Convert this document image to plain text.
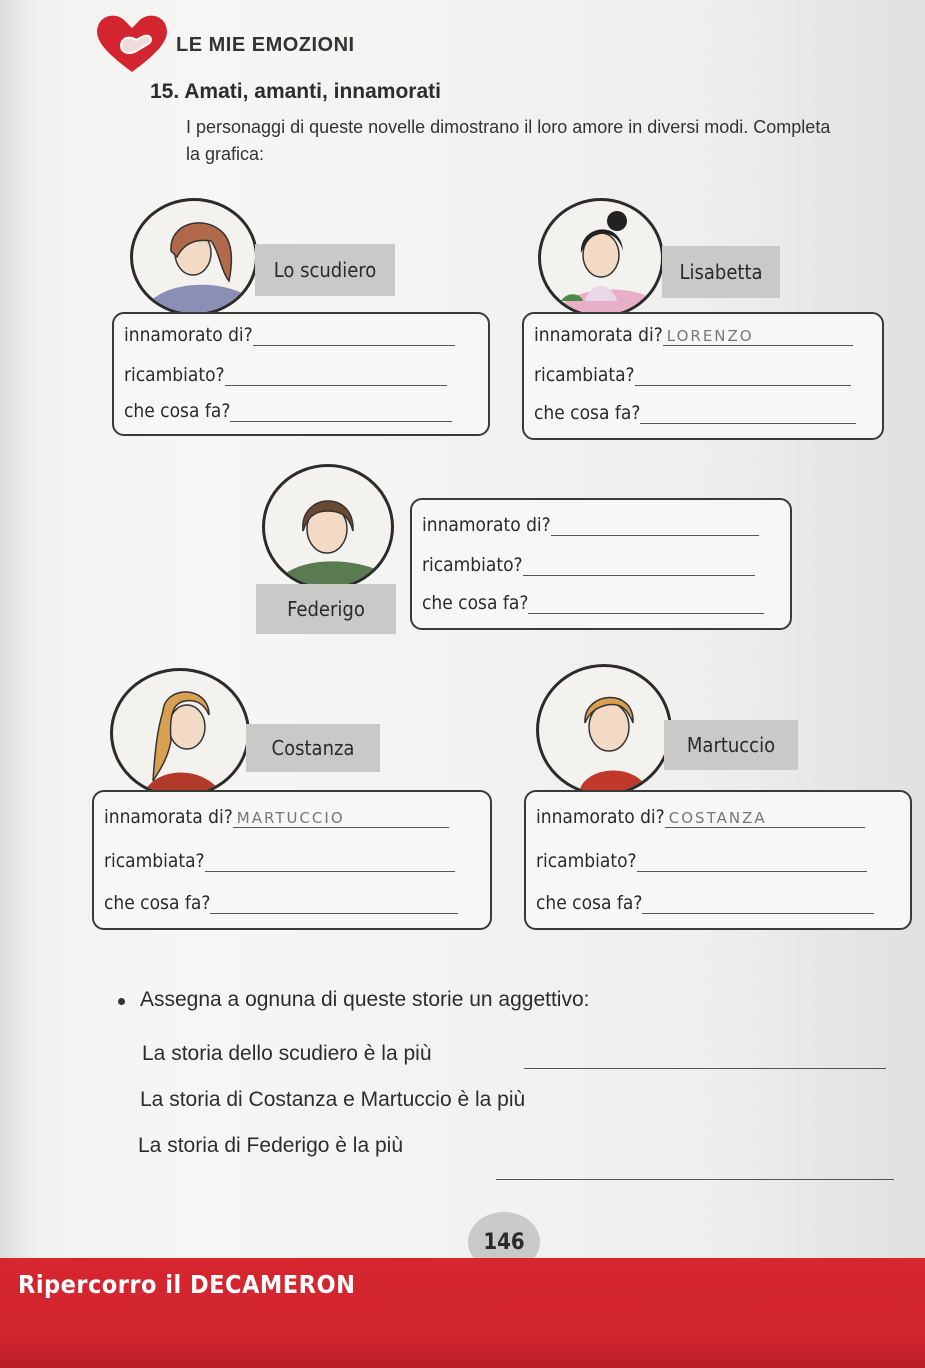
LE MIE EMOZIONI
15. Amati, amanti, innamorati
I personaggi di queste novelle dimostrano il loro amore in diversi modi. Completa la grafica:
Lo scudiero
innamorato di?
ricambiato?
che cosa fa?
Lisabetta
innamorata di? LORENZO
ricambiata?
che cosa fa?
Federigo
innamorato di?
ricambiato?
che cosa fa?
Costanza
innamorata di? MARTUCCIO
ricambiata?
che cosa fa?
Martuccio
innamorato di? COSTANZA
ricambiato?
che cosa fa?
Assegna a ognuna di queste storie un aggettivo:
La storia dello scudiero è la più

La storia di Costanza e Martuccio è la più

La storia di Federigo è la più
146
Ripercorro il DECAMERON
